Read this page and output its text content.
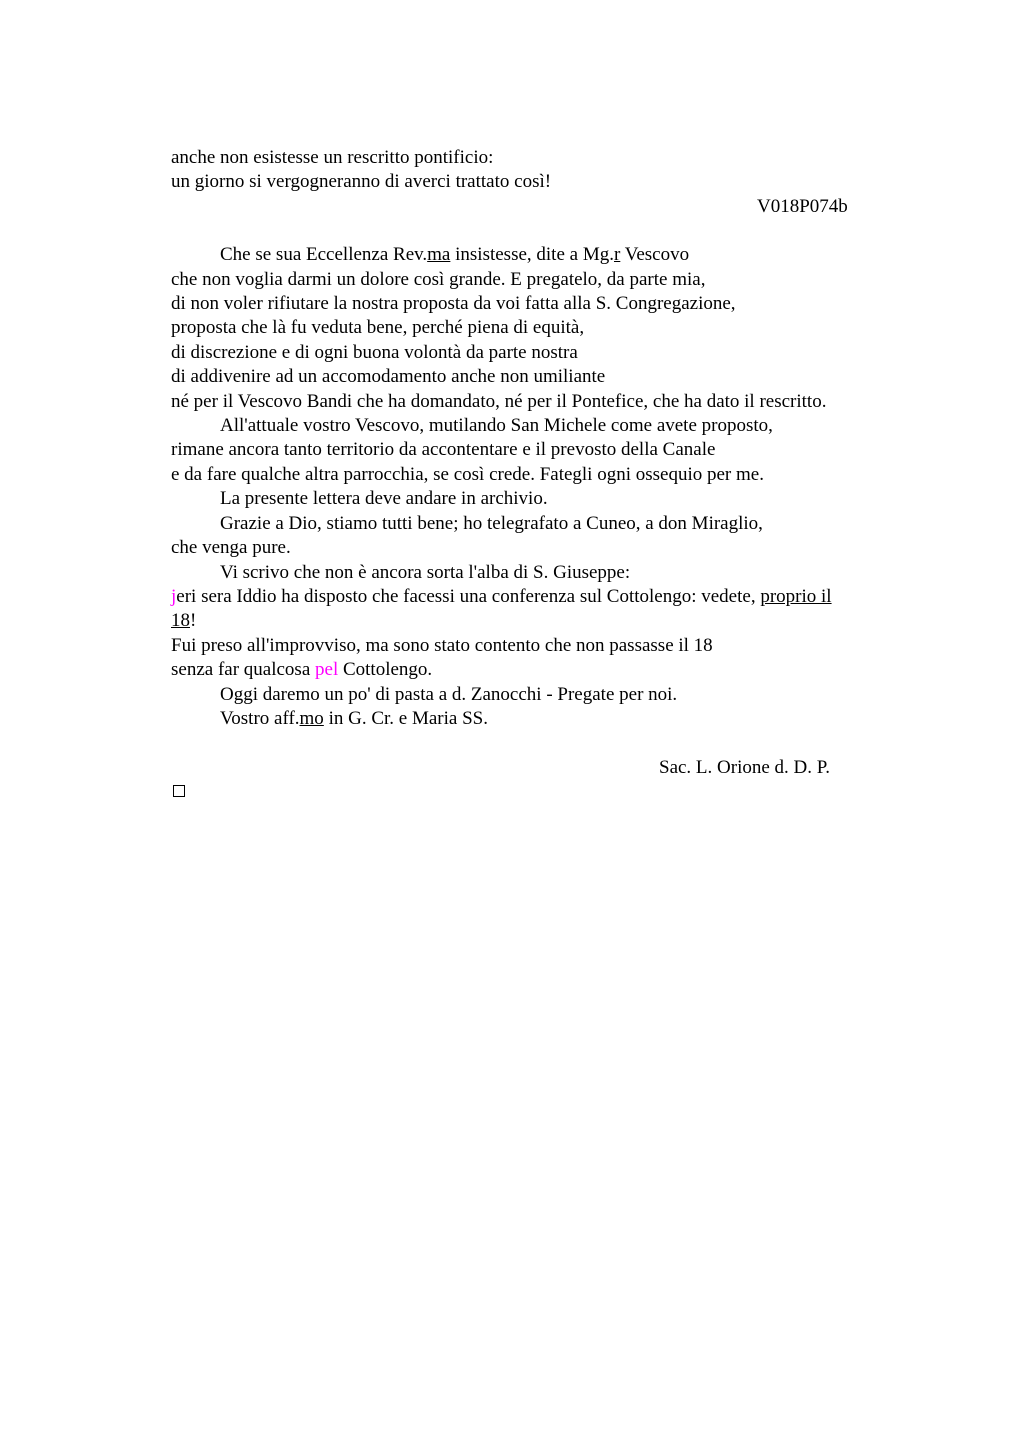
anche non esistesse un rescritto pontificio:
un giorno si vergogneranno di averci trattato così!
V018P074b
Che se sua Eccellenza Rev.ma insistesse, dite a Mg.r Vescovo
che non voglia darmi un dolore così grande. E pregatelo, da parte mia,
di non voler rifiutare la nostra proposta da voi fatta alla S. Congregazione,
proposta che là fu veduta bene, perché piena di equità,
di discrezione e di ogni buona volontà da parte nostra
di addivenire ad un accomodamento anche non umiliante
né per il Vescovo Bandi che ha domandato, né per il Pontefice, che ha dato il rescritto.
All'attuale vostro Vescovo, mutilando San Michele come avete proposto,
rimane ancora tanto territorio da accontentare e il prevosto della Canale
e da fare qualche altra parrocchia, se così crede. Fategli ogni ossequio per me.
La presente lettera deve andare in archivio.
Grazie a Dio, stiamo tutti bene; ho telegrafato a Cuneo, a don Miraglio,
che venga pure.
Vi scrivo che non è ancora sorta l'alba di S. Giuseppe:
jeri sera Iddio ha disposto che facessi una conferenza sul Cottolengo: vedete, proprio il
18!
Fui preso all'improvviso, ma sono stato contento che non passasse il 18
senza far qualcosa pel Cottolengo.
Oggi daremo un po' di pasta a d. Zanocchi - Pregate per noi.
Vostro aff.mo in G. Cr. e Maria SS.
Sac. L. Orione d. D. P.
